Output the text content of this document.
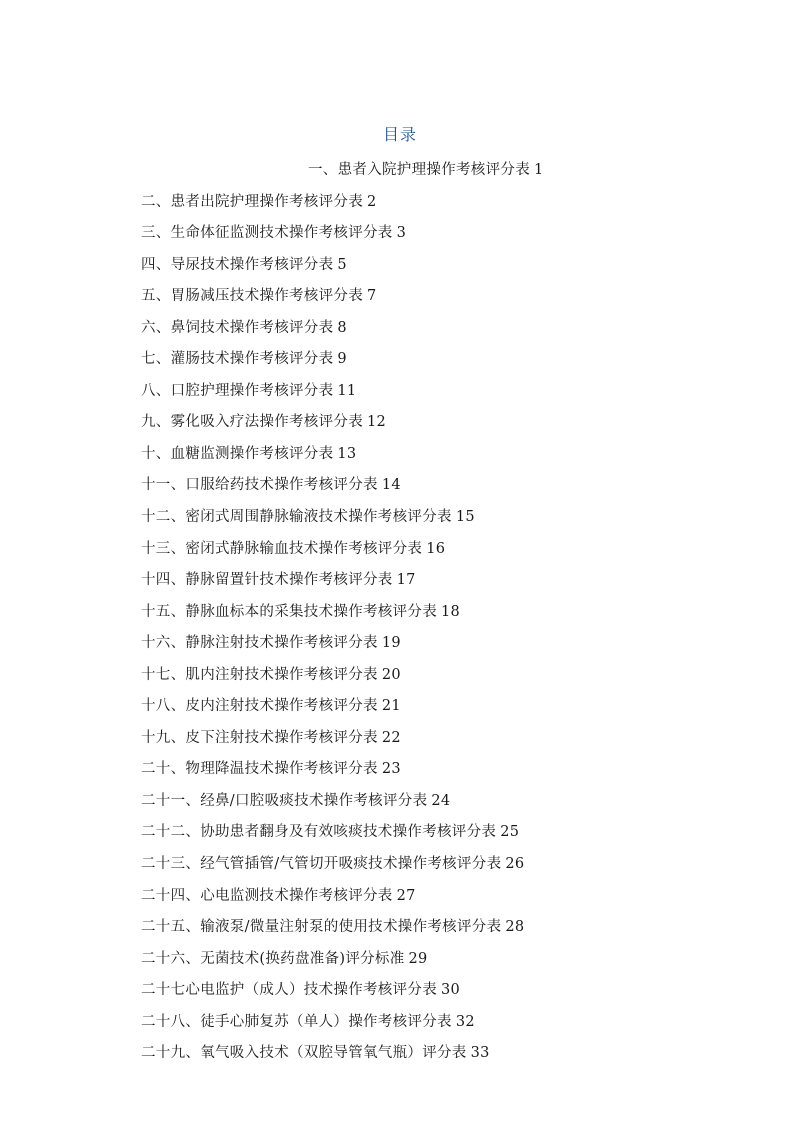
目录
一、患者入院护理操作考核评分表 1
二、患者出院护理操作考核评分表 2
三、生命体征监测技术操作考核评分表 3
四、导尿技术操作考核评分表 5
五、胃肠减压技术操作考核评分表 7
六、鼻饲技术操作考核评分表 8
七、灌肠技术操作考核评分表 9
八、口腔护理操作考核评分表 11
九、雾化吸入疗法操作考核评分表 12
十、血糖监测操作考核评分表 13
十一、口服给药技术操作考核评分表 14
十二、密闭式周围静脉输液技术操作考核评分表 15
十三、密闭式静脉输血技术操作考核评分表 16
十四、静脉留置针技术操作考核评分表 17
十五、静脉血标本的采集技术操作考核评分表 18
十六、静脉注射技术操作考核评分表 19
十七、肌内注射技术操作考核评分表 20
十八、皮内注射技术操作考核评分表 21
十九、皮下注射技术操作考核评分表 22
二十、物理降温技术操作考核评分表 23
二十一、经鼻/口腔吸痰技术操作考核评分表 24
二十二、协助患者翻身及有效咳痰技术操作考核评分表 25
二十三、经气管插管/气管切开吸痰技术操作考核评分表 26
二十四、心电监测技术操作考核评分表 27
二十五、输液泵/微量注射泵的使用技术操作考核评分表 28
二十六、无菌技术(换药盘准备)评分标准 29
二十七心电监护（成人）技术操作考核评分表 30
二十八、徒手心肺复苏（单人）操作考核评分表 32
二十九、氧气吸入技术（双腔导管氧气瓶）评分表 33
